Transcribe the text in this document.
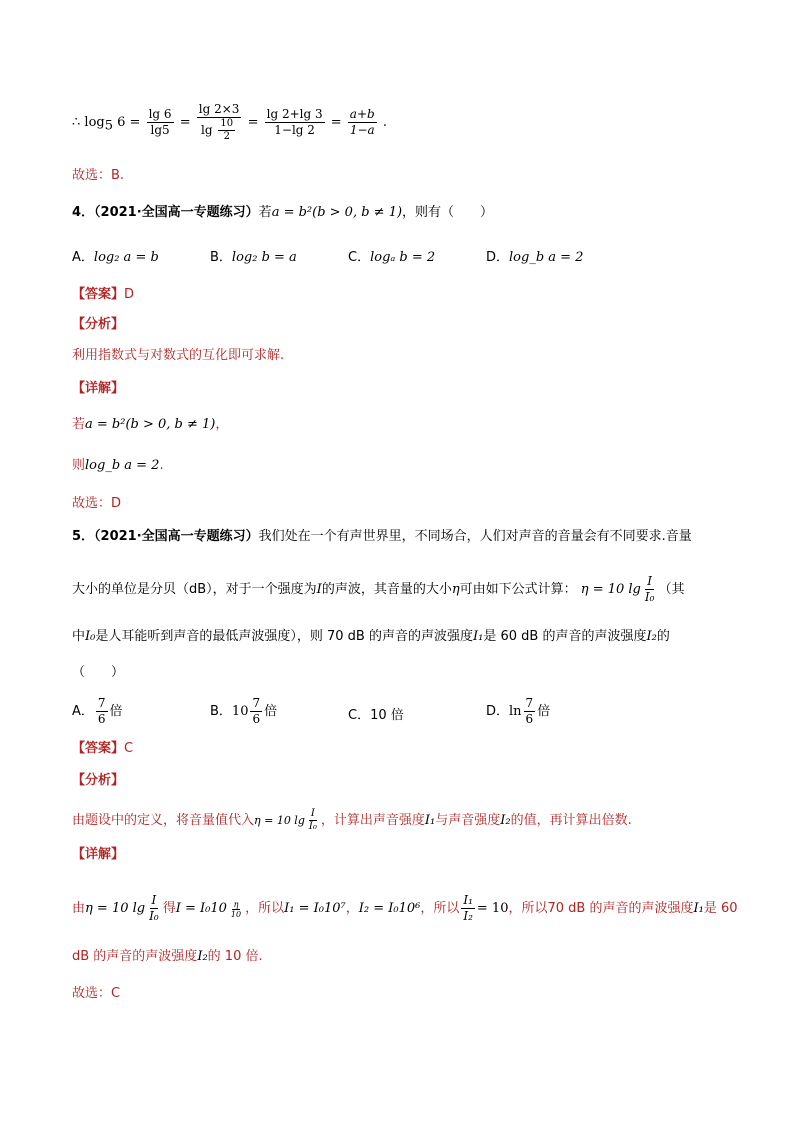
∴ $\log_5 6 = \frac{\lg 6}{\lg 5} = \frac{\lg 2\times 3}{\lg \frac{10}{2}} = \frac{\lg 2+\lg 3}{1-\lg 2} = \frac{a+b}{1-a}$ .
故选：B.
4．（2021·全国高一专题练习）若a = b²(b > 0, b ≠ 1)，则有（　　）
A．log₂ a = b	B．log₂ b = a	C．logₐ b = 2	D．log_b a = 2
【答案】D
【分析】
利用指数式与对数式的互化即可求解.
【详解】
若a = b²(b > 0, b ≠ 1)，
则log_b a = 2.
故选：D
5．（2021·全国高一专题练习）我们处在一个有声世界里，不同场合，人们对声音的音量会有不同要求.音量
大小的单位是分贝（dB），对于一个强度为I的声波，其音量的大小η可由如下公式计算： η = 10 $\lg \frac{I}{\text{I₀}}$ （其
中I₀是人耳能听到声音的最低声波强度），则 70 dB 的声音的声波强度I₁是 60 dB 的声音的声波强度I₂的
（　　）
A． $\frac{7}{6}$ 倍	B．$10 \frac{7}{6}$ 倍	C．10 倍	D．$\ln \frac{7}{6}$ 倍
【答案】C
【分析】
由题设中的定义，将音量值代入η = 10 $\lg \frac{I}{\text{I₀}}$ ，计算出声音强度I₁与声音强度I₂的值，再计算出倍数.
【详解】
由η = 10 $\lg \frac{I}{\text{I₀}}$ 得$I = I_010 \frac{\eta}{10}$ ，所以I₁ = I₀10⁷，I₂ = I₀10⁶，所以 $\frac{\text{I₁}}{\text{I₂}} = 10$，所以70 dB 的声音的声波强度I₁是 60
dB 的声音的声波强度I₂的 10 倍.
故选：C
